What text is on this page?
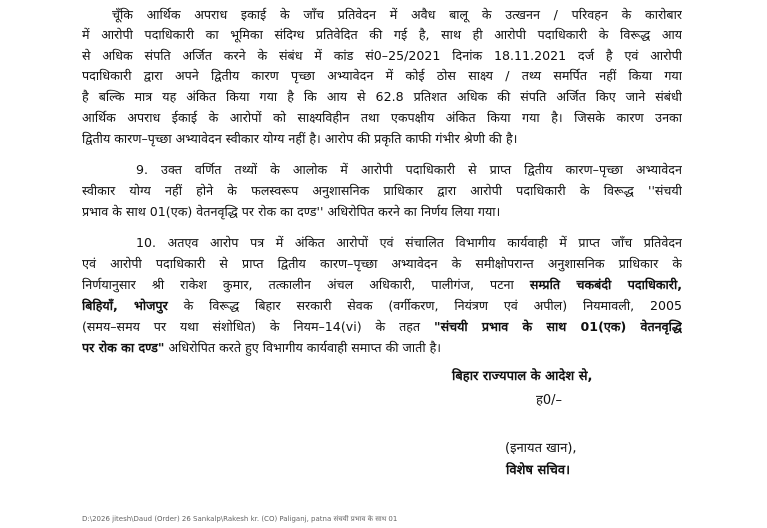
चूँकि आर्थिक अपराध इकाई के जाँच प्रतिवेदन में अवैध बालू के उत्खनन / परिवहन के कारोबार
में आरोपी पदाधिकारी का भूमिका संदिग्ध प्रतिवेदित की गई है, साथ ही आरोपी पदाधिकारी के विरूद्ध आय
से अधिक संपति अर्जित करने के संबंध में कांड सं0–25/2021 दिनांक 18.11.2021 दर्ज है एवं आरोपी
पदाधिकारी द्वारा अपने द्वितीय कारण पृच्छा अभ्यावेदन में कोई ठोस साक्ष्य / तथ्य समर्पित नहीं किया गया
है बल्कि मात्र यह अंकित किया गया है कि आय से 62.8 प्रतिशत अधिक की संपति अर्जित किए जाने संबंधी
आर्थिक अपराध ईकाई के आरोपों को साक्ष्यविहीन तथा एकपक्षीय अंकित किया गया है। जिसके कारण उनका
द्वितीय कारण–पृच्छा अभ्यावेदन स्वीकार योग्य नहीं है। आरोप की प्रकृति काफी गंभीर श्रेणी की है।
9. उक्त वर्णित तथ्यों के आलोक में आरोपी पदाधिकारी से प्राप्त द्वितीय कारण–पृच्छा अभ्यावेदन
स्वीकार योग्य नहीं होने के फलस्वरूप अनुशासनिक प्राधिकार द्वारा आरोपी पदाधिकारी के विरूद्ध ''संचयी
प्रभाव के साथ 01(एक) वेतनवृद्धि पर रोक का दण्ड'' अधिरोपित करने का निर्णय लिया गया।
10. अतएव आरोप पत्र में अंकित आरोपों एवं संचालित विभागीय कार्यवाही में प्राप्त जाँच प्रतिवेदन
एवं आरोपी पदाधिकारी से प्राप्त द्वितीय कारण–पृच्छा अभ्यावेदन के समीक्षोपरान्त अनुशासनिक प्राधिकार के
निर्णयानुसार श्री राकेश कुमार, तत्कालीन अंचल अधिकारी, पालीगंज, पटना सम्प्रति चकबंदी पदाधिकारी,
बिहियाँ, भोजपुर के विरूद्ध बिहार सरकारी सेवक (वर्गीकरण, नियंत्रण एवं अपील) नियमावली, 2005
(समय–समय पर यथा संशोधित) के नियम–14(vi) के तहत "संचयी प्रभाव के साथ 01(एक) वेतनवृद्धि
पर रोक का दण्ड" अधिरोपित करते हुए विभागीय कार्यवाही समाप्त की जाती है।
बिहार राज्यपाल के आदेश से,
ह0/–
(इनायत खान),
विशेष सचिव।
D:\2026 jitesh\Daud (Order) 26 Sankalp\Rakesh kr. (CO) Paliganj, patna संचयी प्रभाव के साथ 01
